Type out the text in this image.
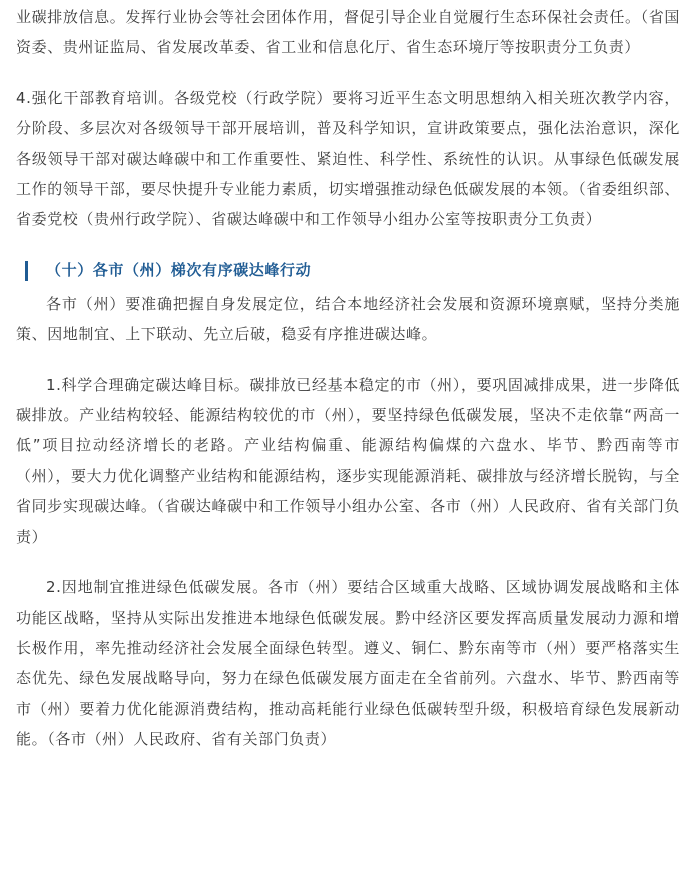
业碳排放信息。发挥行业协会等社会团体作用，督促引导企业自觉履行生态环保社会责任。（省国资委、贵州证监局、省发展改革委、省工业和信息化厅、省生态环境厅等按职责分工负责）

4.强化干部教育培训。各级党校（行政学院）要将习近平生态文明思想纳入相关班次教学内容，分阶段、多层次对各级领导干部开展培训，普及科学知识，宣讲政策要点，强化法治意识，深化各级领导干部对碳达峰碳中和工作重要性、紧迫性、科学性、系统性的认识。从事绿色低碳发展工作的领导干部，要尽快提升专业能力素质，切实增强推动绿色低碳发展的本领。（省委组织部、省委党校（贵州行政学院）、省碳达峰碳中和工作领导小组办公室等按职责分工负责）

（十）各市（州）梯次有序碳达峰行动

各市（州）要准确把握自身发展定位，结合本地经济社会发展和资源环境禀赋，坚持分类施策、因地制宜、上下联动、先立后破，稳妥有序推进碳达峰。

1.科学合理确定碳达峰目标。碳排放已经基本稳定的市（州），要巩固减排成果，进一步降低碳排放。产业结构较轻、能源结构较优的市（州），要坚持绿色低碳发展，坚决不走依靠“两高一低”项目拉动经济增长的老路。产业结构偏重、能源结构偏煤的六盘水、毕节、黔西南等市（州），要大力优化调整产业结构和能源结构，逐步实现能源消耗、碳排放与经济增长脱钩，与全省同步实现碳达峰。（省碳达峰碳中和工作领导小组办公室、各市（州）人民政府、省有关部门负责）

2.因地制宜推进绿色低碳发展。各市（州）要结合区域重大战略、区域协调发展战略和主体功能区战略，坚持从实际出发推进本地绿色低碳发展。黔中经济区要发挥高质量发展动力源和增长极作用，率先推动经济社会发展全面绿色转型。遵义、铜仁、黔东南等市（州）要严格落实生态优先、绿色发展战略导向，努力在绿色低碳发展方面走在全省前列。六盘水、毕节、黔西南等市（州）要着力优化能源消费结构，推动高耗能行业绿色低碳转型升级，积极培育绿色发展新动能。（各市（州）人民政府、省有关部门负责）
